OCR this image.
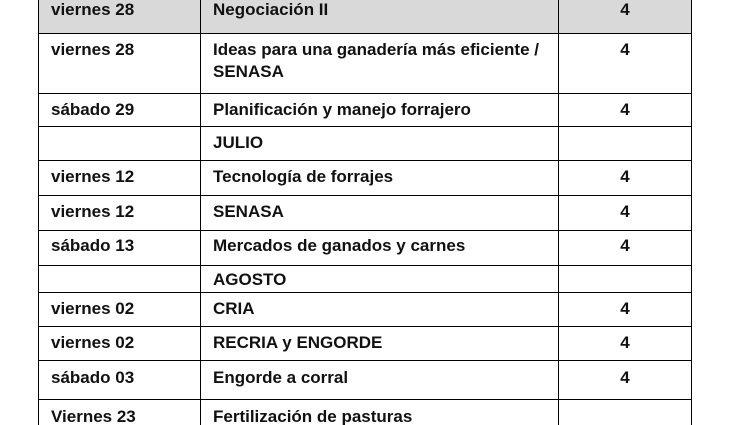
viernes 28	Negociación II	4
viernes 28	Ideas para una ganadería más eficiente / SENASA	4
sábado 29	Planificación y manejo forrajero	4
	JULIO	
viernes 12	Tecnología de forrajes	4
viernes 12	SENASA	4
sábado 13	Mercados de ganados y carnes	4
	AGOSTO	
viernes 02	CRIA	4
viernes 02	RECRIA y ENGORDE	4
sábado 03	Engorde a corral	4
Viernes 23	Fertilización de pasturas	
